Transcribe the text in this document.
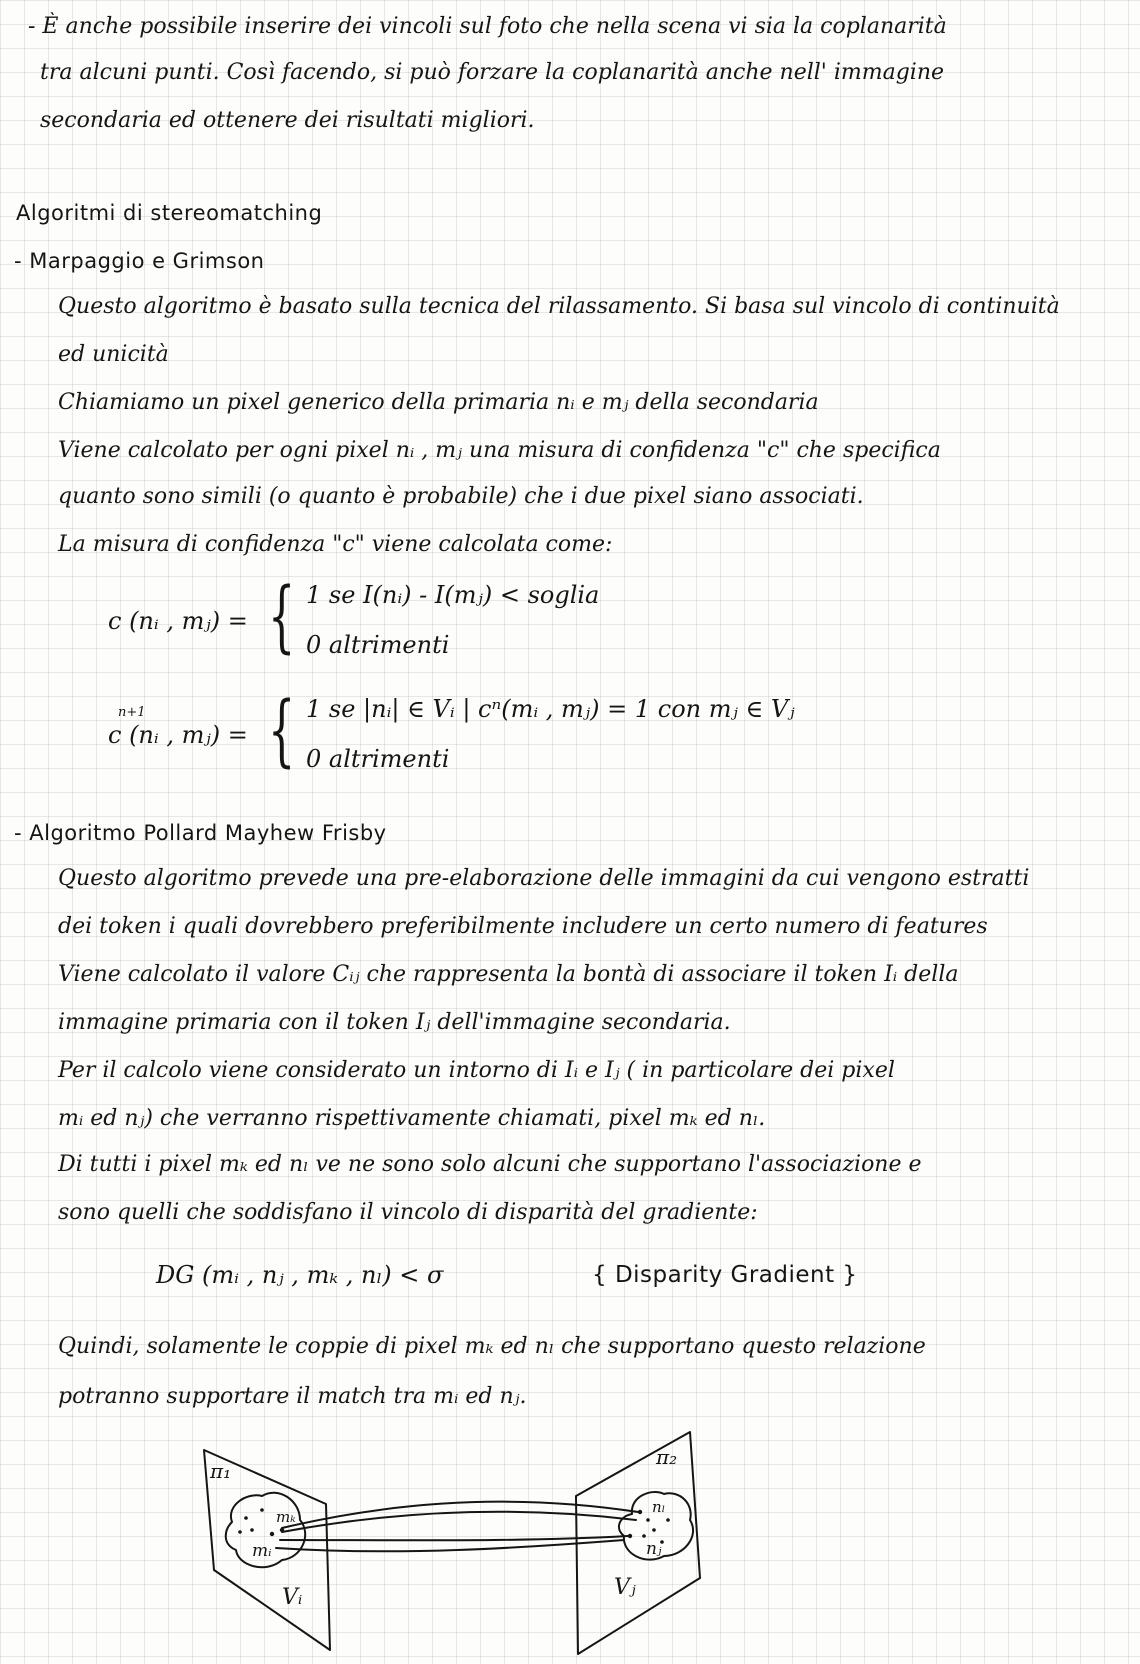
- È anche possibile inserire dei vincoli sul foto che nella scena vi sia la coplanarità
tra alcuni punti. Così facendo, si può forzare la coplanarità anche nell' immagine
secondaria ed ottenere dei risultati migliori.
Algoritmi di stereomatching
- Marpaggio e Grimson
Questo algoritmo è basato sulla tecnica del rilassamento. Si basa sul vincolo di continuità
ed unicità
Chiamiamo un pixel generico della primaria nᵢ e mⱼ della secondaria
Viene calcolato per ogni pixel nᵢ , mⱼ una misura di confidenza "c" che specifica
quanto sono simili (o quanto è probabile) che i due pixel siano associati.
La misura di confidenza "c" viene calcolata come:
- Algoritmo Pollard Mayhew Frisby
Questo algoritmo prevede una pre-elaborazione delle immagini da cui vengono estratti
dei token i quali dovrebbero preferibilmente includere un certo numero di features
Viene calcolato il valore Cᵢⱼ che rappresenta la bontà di associare il token Iᵢ della
immagine primaria con il token Iⱼ dell'immagine secondaria.
Per il calcolo viene considerato un intorno di Iᵢ e Iⱼ ( in particolare dei pixel
mᵢ ed nⱼ) che verranno rispettivamente chiamati, pixel mₖ ed nₗ.
Di tutti i pixel mₖ ed nₗ ve ne sono solo alcuni che supportano l'associazione e
sono quelli che soddisfano il vincolo di disparità del gradiente:
Quindi, solamente le coppie di pixel mₖ ed nₗ che supportano questo relazione
potranno supportare il match tra mᵢ ed nⱼ.
c (nᵢ , mⱼ) = { 1 se I(nᵢ) - I(mⱼ) < soglia
0 altrimenti
n+1
c (nᵢ , mⱼ) = { 1 se |nᵢ| ∈ Vᵢ | cⁿ(mᵢ , mⱼ) = 1 con mⱼ ∈ Vⱼ
0 altrimenti
DG (mᵢ , nⱼ , mₖ , nₗ) < σ	{ Disparity Gradient }
π₁
π₂
Vᵢ	Vⱼ
mᵢ
mₖ
nⱼ
nₗ
